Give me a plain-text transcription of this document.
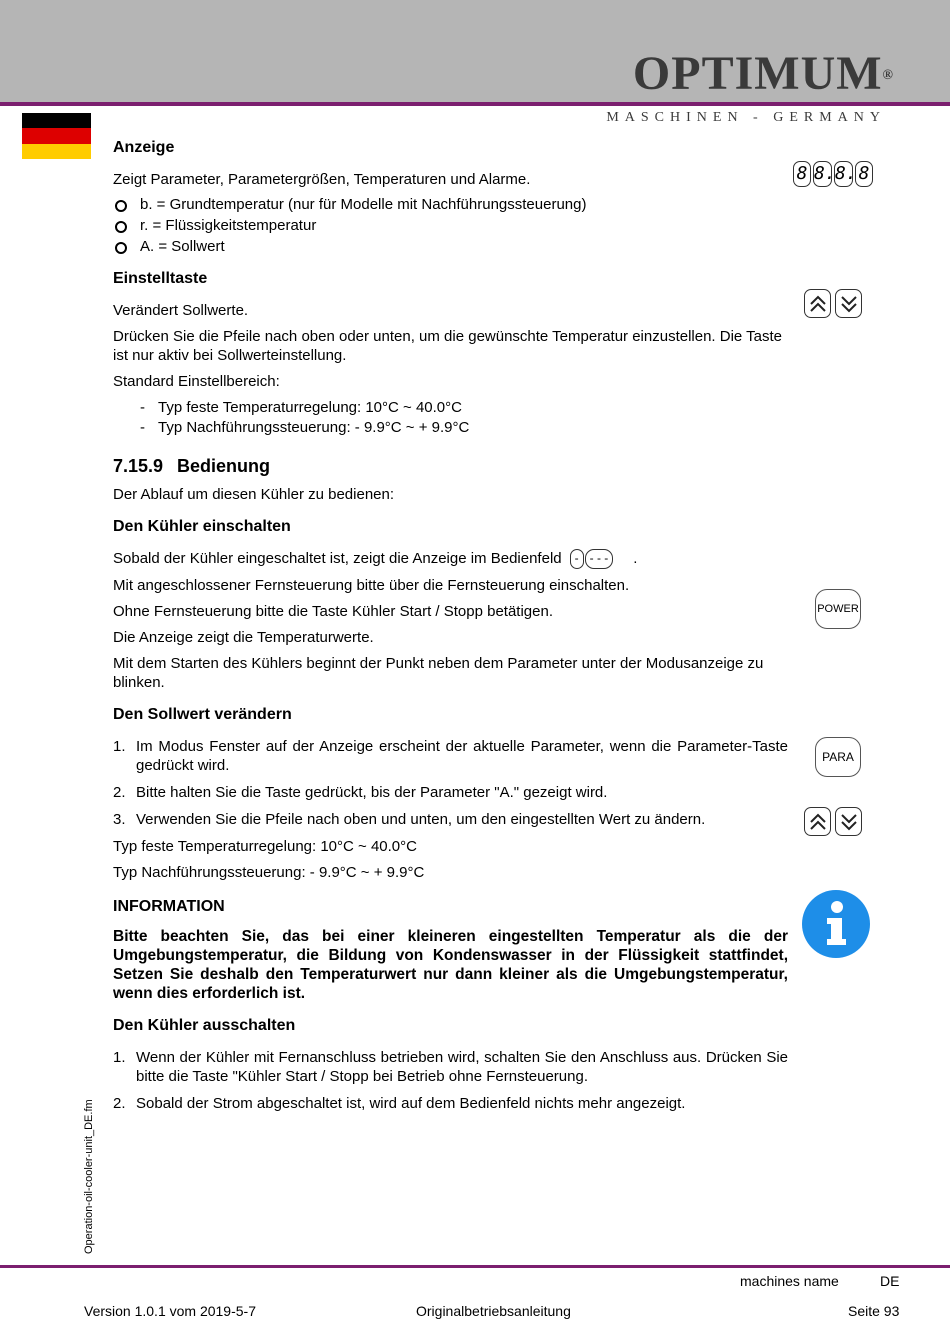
OPTIMUM®
MASCHINEN - GERMANY

Anzeige

Zeigt Parameter, Parametergrößen, Temperaturen und Alarme.

b. = Grundtemperatur (nur für Modelle mit Nachführungssteuerung)
r. = Flüssigkeitstemperatur
A. = Sollwert

Einstelltaste

Verändert Sollwerte.

Drücken Sie die Pfeile nach oben oder unten, um die gewünschte Temperatur einzustellen. Die Taste ist nur aktiv bei Sollwerteinstellung.

Standard Einstellbereich:

- Typ feste Temperaturregelung: 10°C ~ 40.0°C
- Typ Nachführungssteuerung: - 9.9°C ~ + 9.9°C

7.15.9 Bedienung

Der Ablauf um diesen Kühler zu bedienen:

Den Kühler einschalten

Sobald der Kühler eingeschaltet ist, zeigt die Anzeige im Bedienfeld	- - - -	.

Mit angeschlossener Fernsteuerung bitte über die Fernsteuerung einschalten.

Ohne Fernsteuerung bitte die Taste Kühler Start / Stopp betätigen.

Die Anzeige zeigt die Temperaturwerte.

Mit dem Starten des Kühlers beginnt der Punkt neben dem Parameter unter der Modusanzeige zu blinken.

Den Sollwert verändern

1. Im Modus Fenster auf der Anzeige erscheint der aktuelle Parameter, wenn die Parameter-Taste gedrückt wird.
2. Bitte halten Sie die Taste gedrückt, bis der Parameter "A." gezeigt wird.
3. Verwenden Sie die Pfeile nach oben und unten, um den eingestellten Wert zu ändern.

Typ feste Temperaturregelung: 10°C ~ 40.0°C

Typ Nachführungssteuerung: - 9.9°C ~ + 9.9°C

INFORMATION

Bitte beachten Sie, das bei einer kleineren eingestellten Temperatur als die der Umgebungstemperatur, die Bildung von Kondenswasser in der Flüssigkeit stattfindet, Setzen Sie deshalb den Temperaturwert nur dann kleiner als die Umgebungstemperatur, wenn dies erforderlich ist.

Den Kühler ausschalten

1. Wenn der Kühler mit Fernanschluss betrieben wird, schalten Sie den Anschluss aus. Drücken Sie bitte die Taste "Kühler Start / Stopp bei Betrieb ohne Fernsteuerung.
2. Sobald der Strom abgeschaltet ist, wird auf dem Bedienfeld nichts mehr angezeigt.
8 8. 8. 8
POWER
PARA
Operation-oil-cooler-unit_DE.fm
machines name	DE
Version 1.0.1 vom 2019-5-7	Originalbetriebsanleitung	Seite 93
